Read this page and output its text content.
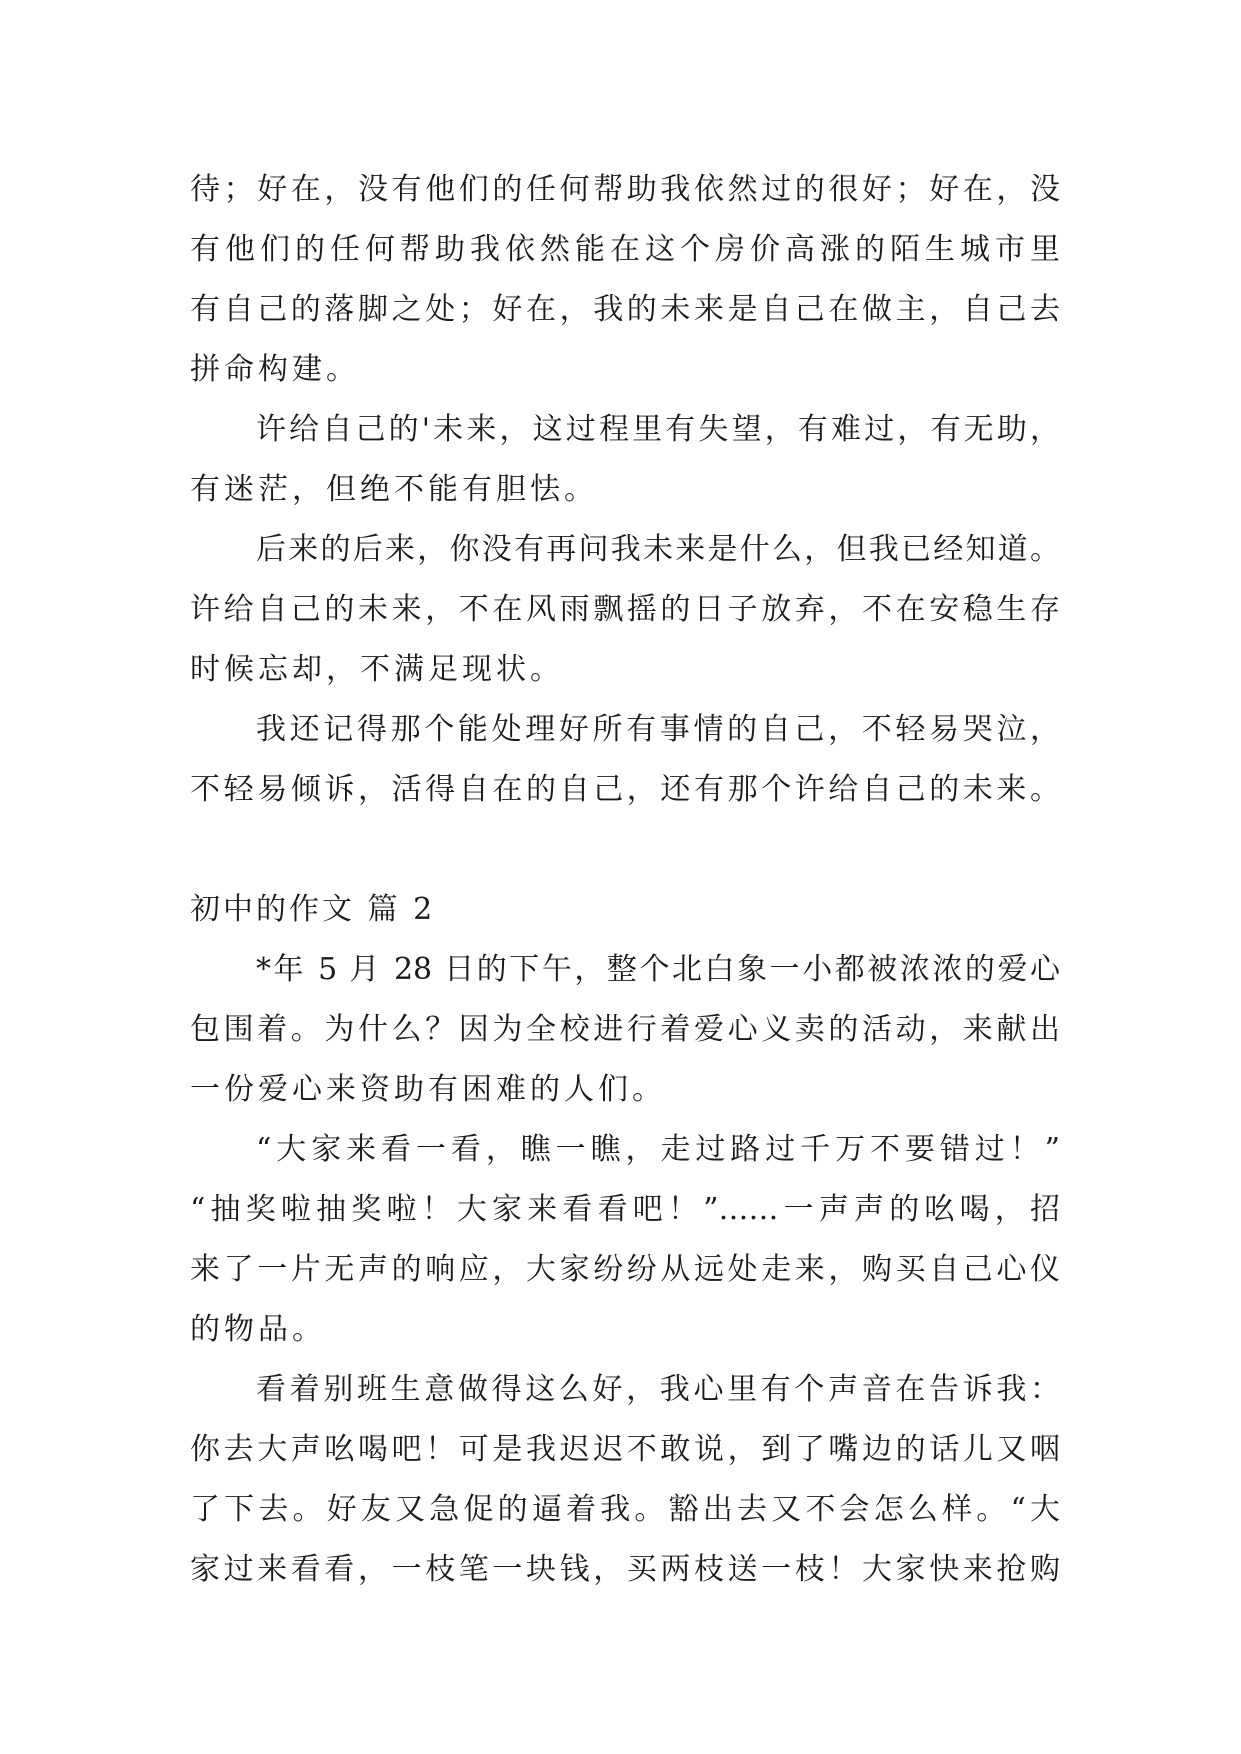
待；好在，没有他们的任何帮助我依然过的很好；好在，没
有他们的任何帮助我依然能在这个房价高涨的陌生城市里
有自己的落脚之处；好在，我的未来是自己在做主，自己去
拼命构建。
许给自己的'未来，这过程里有失望，有难过，有无助，
有迷茫，但绝不能有胆怯。
后来的后来，你没有再问我未来是什么，但我已经知道。
许给自己的未来，不在风雨飘摇的日子放弃，不在安稳生存
时候忘却，不满足现状。
我还记得那个能处理好所有事情的自己，不轻易哭泣，
不轻易倾诉，活得自在的自己，还有那个许给自己的未来。
初中的作文 篇 2
*年 5 月 28 日的下午，整个北白象一小都被浓浓的爱心
包围着。为什么？因为全校进行着爱心义卖的活动，来献出
一份爱心来资助有困难的人们。
“大家来看一看，瞧一瞧，走过路过千万不要错过！”
“抽奖啦抽奖啦！大家来看看吧！”……一声声的吆喝，招
来了一片无声的响应，大家纷纷从远处走来，购买自己心仪
的物品。
看着别班生意做得这么好，我心里有个声音在告诉我：
你去大声吆喝吧！可是我迟迟不敢说，到了嘴边的话儿又咽
了下去。好友又急促的逼着我。豁出去又不会怎么样。“大
家过来看看，一枝笔一块钱，买两枝送一枝！大家快来抢购
